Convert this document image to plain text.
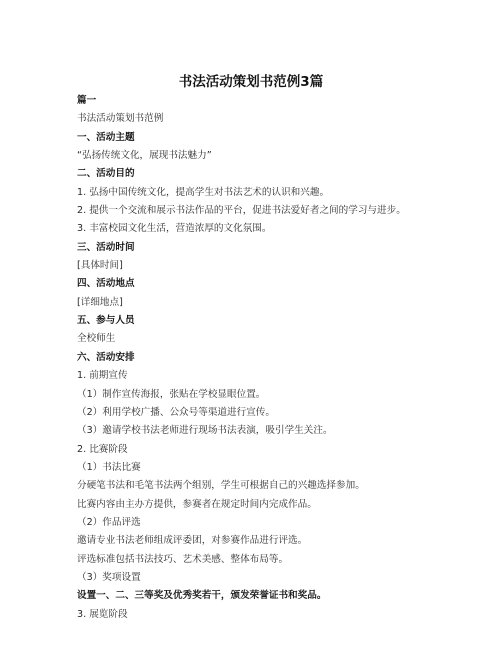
书法活动策划书范例3篇
篇一
书法活动策划书范例
一、活动主题
“弘扬传统文化，展现书法魅力”
二、活动目的
1. 弘扬中国传统文化，提高学生对书法艺术的认识和兴趣。
2. 提供一个交流和展示书法作品的平台，促进书法爱好者之间的学习与进步。
3. 丰富校园文化生活，营造浓厚的文化氛围。
三、活动时间
[具体时间]
四、活动地点
[详细地点]
五、参与人员
全校师生
六、活动安排
1. 前期宣传
（1）制作宣传海报，张贴在学校显眼位置。
（2）利用学校广播、公众号等渠道进行宣传。
（3）邀请学校书法老师进行现场书法表演，吸引学生关注。
2. 比赛阶段
（1）书法比赛
分硬笔书法和毛笔书法两个组别，学生可根据自己的兴趣选择参加。
比赛内容由主办方提供，参赛者在规定时间内完成作品。
（2）作品评选
邀请专业书法老师组成评委团，对参赛作品进行评选。
评选标准包括书法技巧、艺术美感、整体布局等。
（3）奖项设置
设置一、二、三等奖及优秀奖若干，颁发荣誉证书和奖品。
3. 展览阶段
